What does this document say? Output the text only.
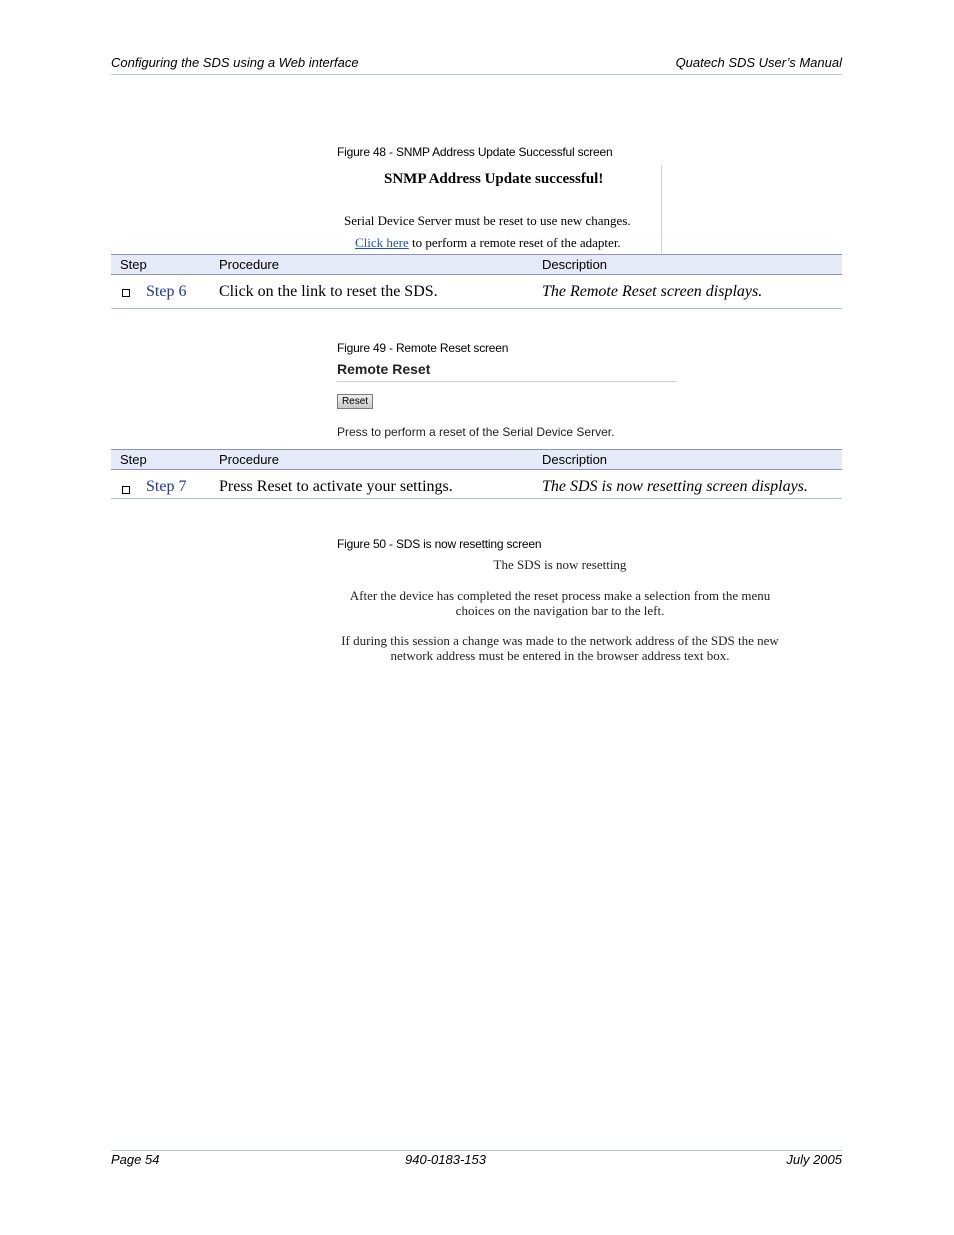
Configuring the SDS using a Web interface	Quatech SDS User’s Manual
Figure 48 - SNMP Address Update Successful screen
SNMP Address Update successful!
Serial Device Server must be reset to use new changes.
Click here to perform a remote reset of the adapter.
Step	Procedure	Description
Step 6 Click on the link to reset the SDS.	The Remote Reset screen displays.
Figure 49 - Remote Reset screen
Remote Reset
Reset
Press to perform a reset of the Serial Device Server.
Step	Procedure	Description
Step 7 Press Reset to activate your settings.	The SDS is now resetting screen displays.
Figure 50 - SDS is now resetting screen
The SDS is now resetting
After the device has completed the reset process make a selection from the menu
choices on the navigation bar to the left.
If during this session a change was made to the network address of the SDS the new
network address must be entered in the browser address text box.
Page 54	940-0183-153	July 2005
